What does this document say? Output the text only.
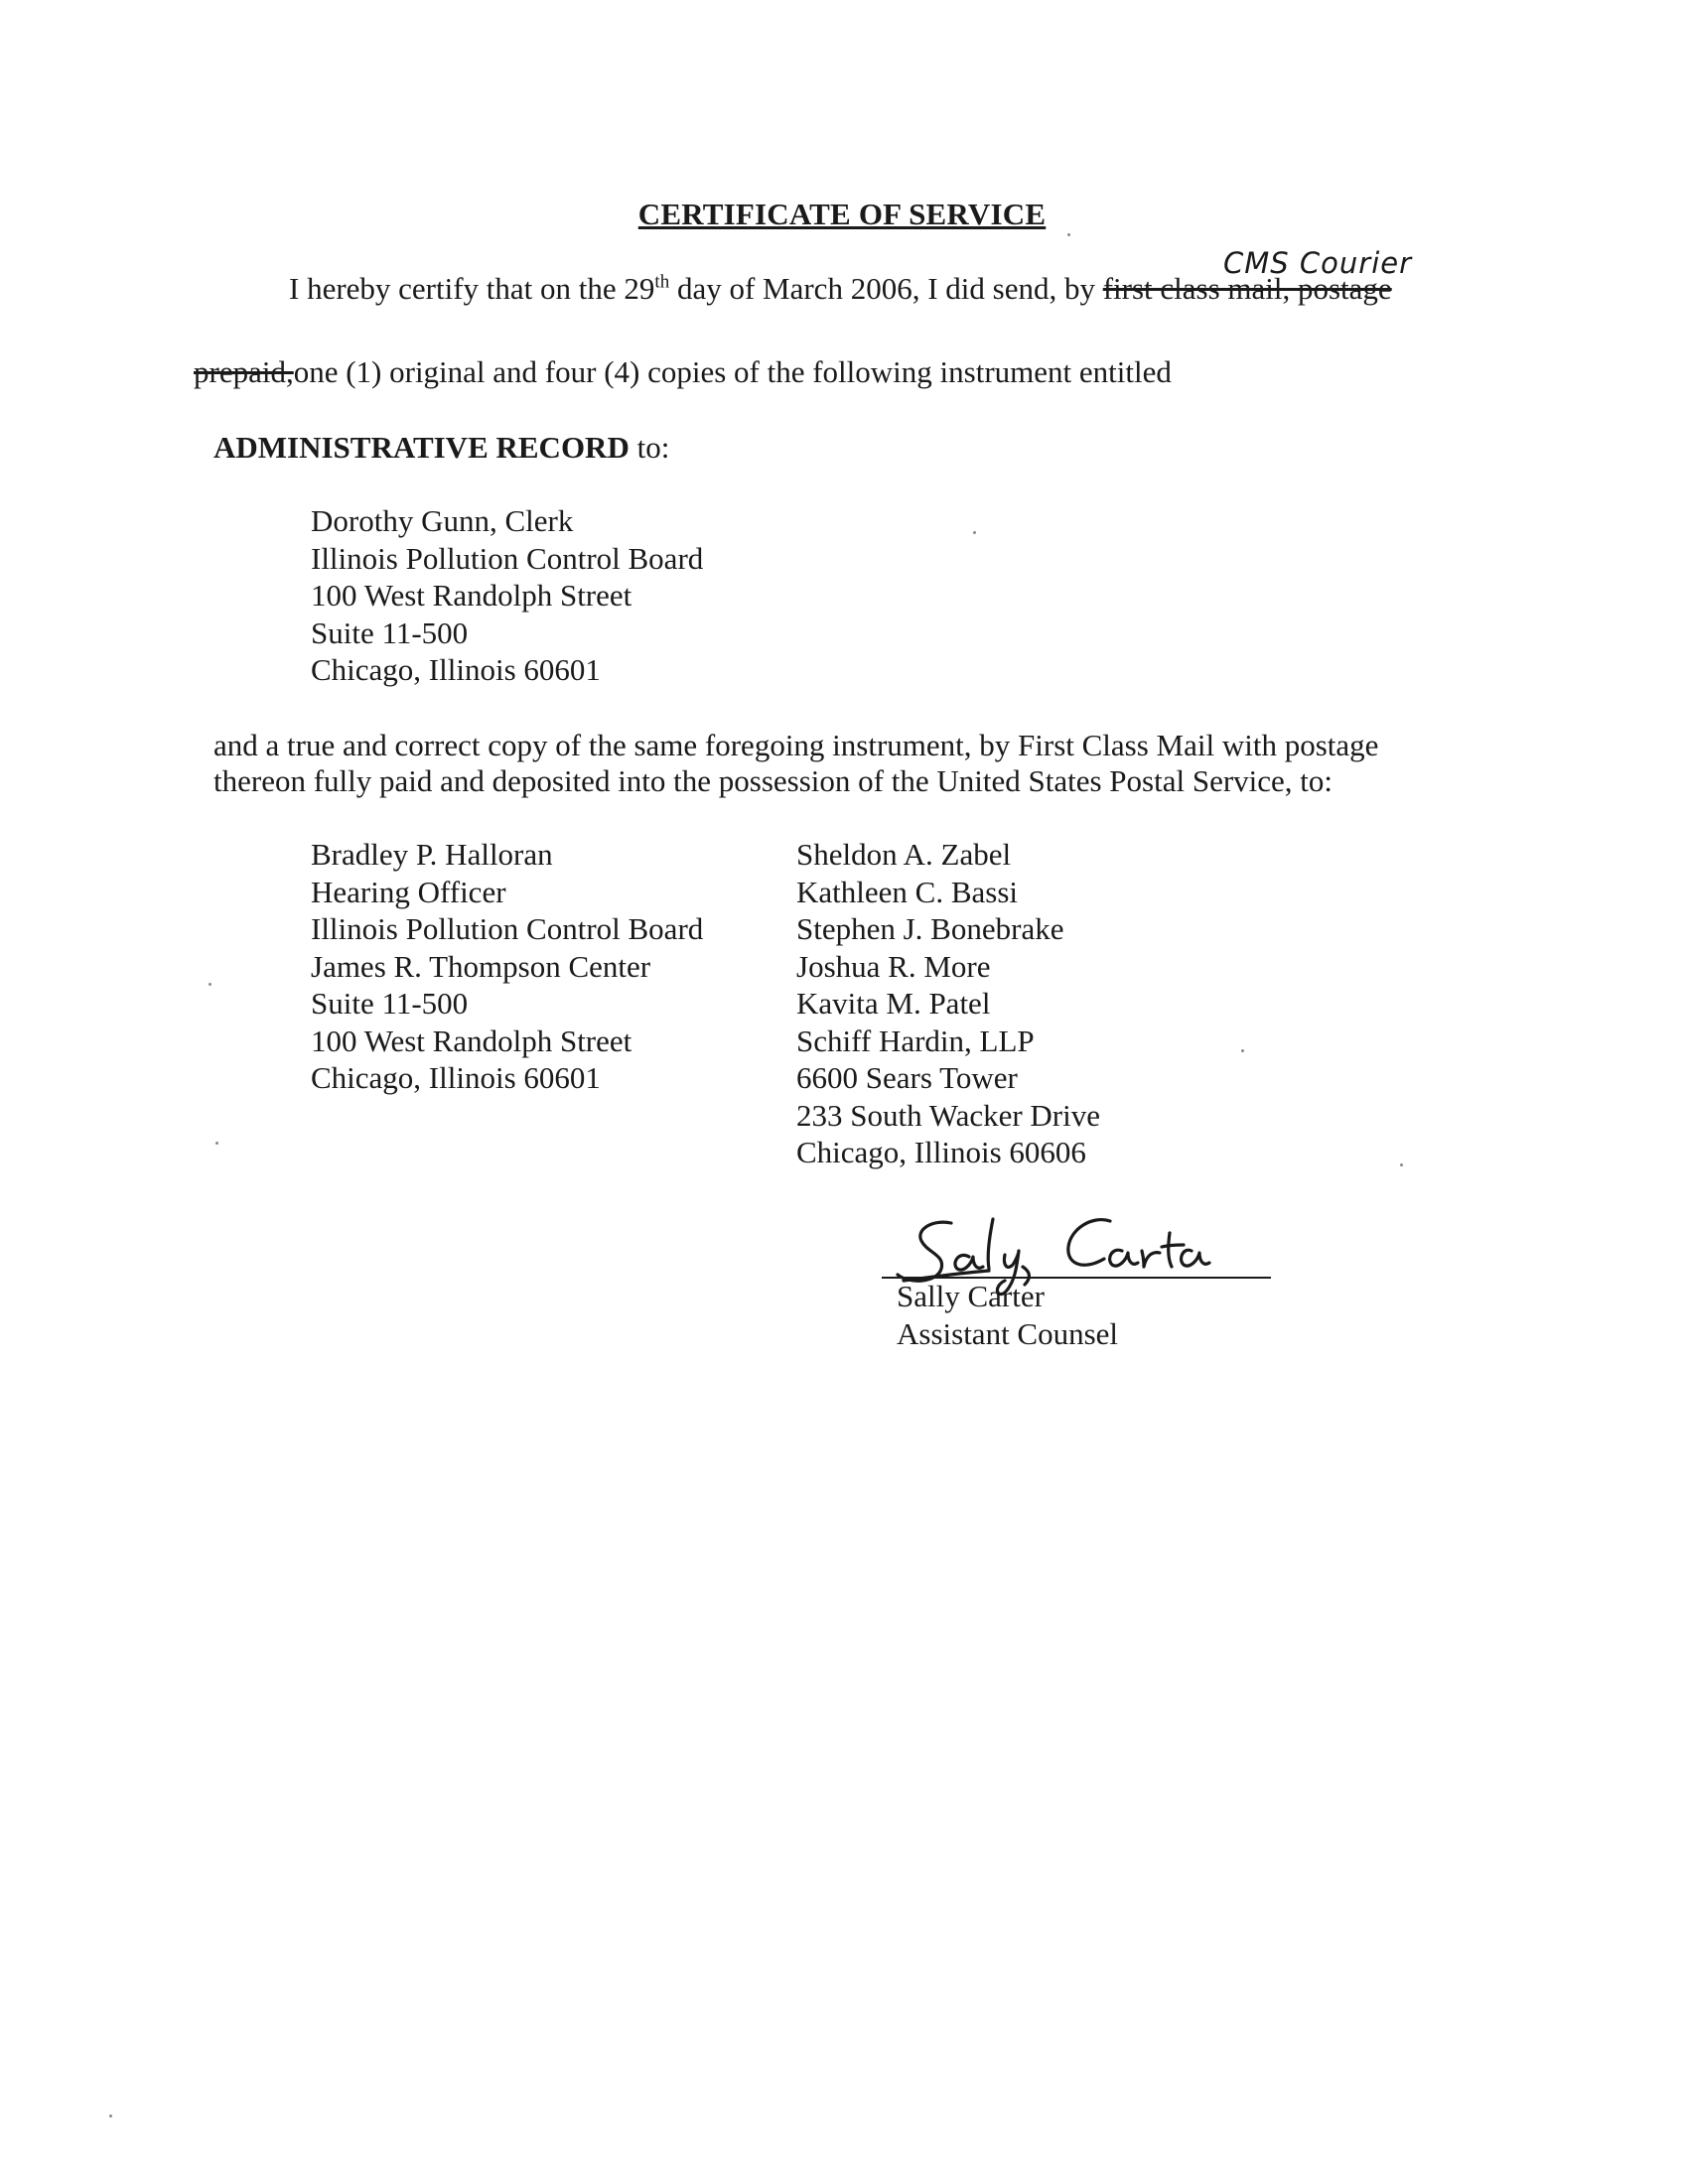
CERTIFICATE OF SERVICE
CMS Courier
I hereby certify that on the 29th day of March 2006, I did send, by first class mail, postage
prepaid,one (1) original and four (4) copies of the following instrument entitled
ADMINISTRATIVE RECORD to:
Dorothy Gunn, Clerk
Illinois Pollution Control Board
100 West Randolph Street
Suite 11-500
Chicago, Illinois 60601
and a true and correct copy of the same foregoing instrument, by First Class Mail with postage
thereon fully paid and deposited into the possession of the United States Postal Service, to:
Bradley P. Halloran
Hearing Officer
Illinois Pollution Control Board
James R. Thompson Center
Suite 11-500
100 West Randolph Street
Chicago, Illinois 60601
Sheldon A. Zabel
Kathleen C. Bassi
Stephen J. Bonebrake
Joshua R. More
Kavita M. Patel
Schiff Hardin, LLP
6600 Sears Tower
233 South Wacker Drive
Chicago, Illinois 60606
Sally Carter
Assistant Counsel
